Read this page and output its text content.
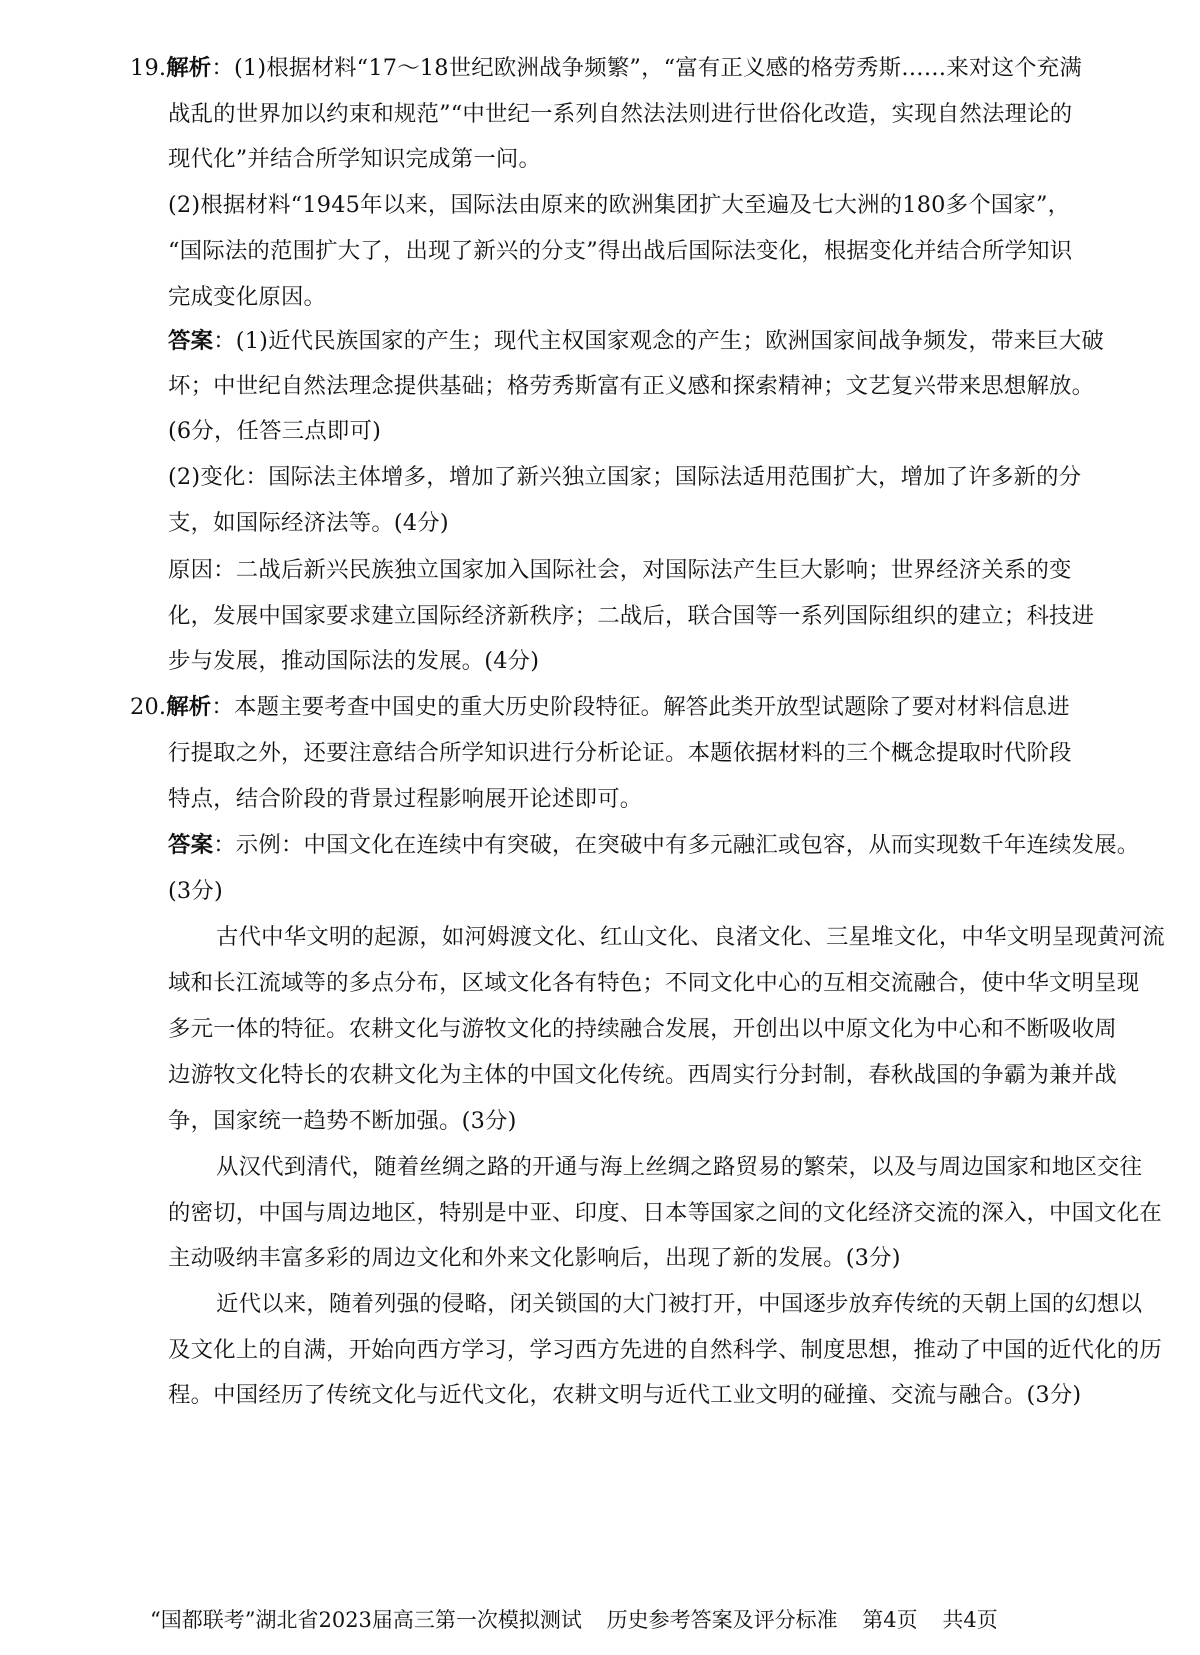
19.解析：(1)根据材料“17～18世纪欧洲战争频繁”，“富有正义感的格劳秀斯……来对这个充满
战乱的世界加以约束和规范”“中世纪一系列自然法法则进行世俗化改造，实现自然法理论的
现代化”并结合所学知识完成第一问。
(2)根据材料“1945年以来，国际法由原来的欧洲集团扩大至遍及七大洲的180多个国家”，
“国际法的范围扩大了，出现了新兴的分支”得出战后国际法变化，根据变化并结合所学知识
完成变化原因。
答案：(1)近代民族国家的产生；现代主权国家观念的产生；欧洲国家间战争频发，带来巨大破
坏；中世纪自然法理念提供基础；格劳秀斯富有正义感和探索精神；文艺复兴带来思想解放。
(6分，任答三点即可)
(2)变化：国际法主体增多，增加了新兴独立国家；国际法适用范围扩大，增加了许多新的分
支，如国际经济法等。(4分)
原因：二战后新兴民族独立国家加入国际社会，对国际法产生巨大影响；世界经济关系的变
化，发展中国家要求建立国际经济新秩序；二战后，联合国等一系列国际组织的建立；科技进
步与发展，推动国际法的发展。(4分)
20.解析：本题主要考查中国史的重大历史阶段特征。解答此类开放型试题除了要对材料信息进
行提取之外，还要注意结合所学知识进行分析论证。本题依据材料的三个概念提取时代阶段
特点，结合阶段的背景过程影响展开论述即可。
答案：示例：中国文化在连续中有突破，在突破中有多元融汇或包容，从而实现数千年连续发展。
(3分)
古代中华文明的起源，如河姆渡文化、红山文化、良渚文化、三星堆文化，中华文明呈现黄河流
域和长江流域等的多点分布，区域文化各有特色；不同文化中心的互相交流融合，使中华文明呈现
多元一体的特征。农耕文化与游牧文化的持续融合发展，开创出以中原文化为中心和不断吸收周
边游牧文化特长的农耕文化为主体的中国文化传统。西周实行分封制，春秋战国的争霸为兼并战
争，国家统一趋势不断加强。(3分)
从汉代到清代，随着丝绸之路的开通与海上丝绸之路贸易的繁荣，以及与周边国家和地区交往
的密切，中国与周边地区，特别是中亚、印度、日本等国家之间的文化经济交流的深入，中国文化在
主动吸纳丰富多彩的周边文化和外来文化影响后，出现了新的发展。(3分)
近代以来，随着列强的侵略，闭关锁国的大门被打开，中国逐步放弃传统的天朝上国的幻想以
及文化上的自满，开始向西方学习，学习西方先进的自然科学、制度思想，推动了中国的近代化的历
程。中国经历了传统文化与近代文化，农耕文明与近代工业文明的碰撞、交流与融合。(3分)
“国都联考”湖北省2023届高三第一次模拟测试 历史参考答案及评分标准 第4页 共4页
